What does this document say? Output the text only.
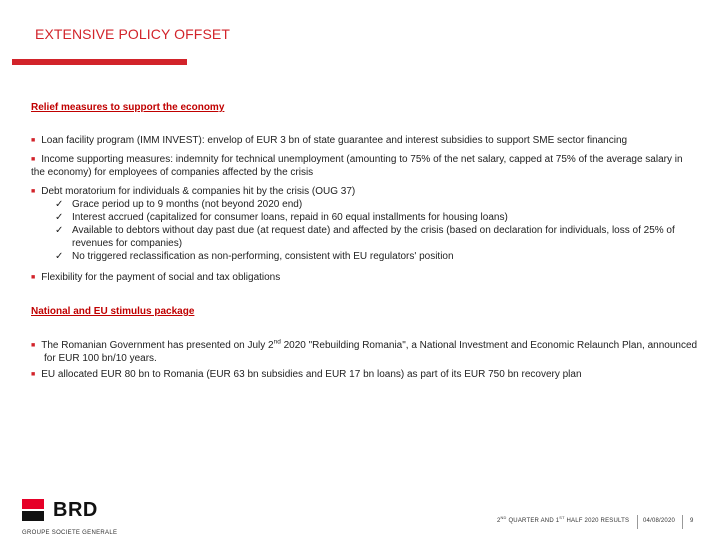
EXTENSIVE POLICY OFFSET
Relief measures to support the economy
■ Loan facility program (IMM INVEST): envelop of EUR 3 bn of state guarantee and interest subsidies to support SME sector financing
■ Income supporting measures: indemnity for technical unemployment (amounting to 75% of the net salary, capped at 75% of the average salary in the economy) for employees of companies affected by the crisis
■ Debt moratorium for individuals & companies hit by the crisis (OUG 37)
✓ Grace period up to 9 months (not beyond 2020 end)
✓ Interest accrued (capitalized for consumer loans, repaid in 60 equal installments for housing loans)
✓ Available to debtors without day past due (at request date) and affected by the crisis (based on declaration for individuals, loss of 25% of revenues for companies)
✓ No triggered reclassification as non-performing, consistent with EU regulators' position
■ Flexibility for the payment of social and tax obligations
National and EU stimulus package
■ The Romanian Government has presented on July 2nd 2020 "Rebuilding Romania", a National Investment and Economic Relaunch Plan, announced for EUR 100 bn/10 years.
■ EU allocated EUR 80 bn to Romania (EUR 63 bn subsidies and EUR 17 bn loans) as part of its EUR 750 bn recovery plan
BRD
GROUPE SOCIETE GENERALE
2ND QUARTER AND 1ST HALF 2020 RESULTS 04/08/2020 9
